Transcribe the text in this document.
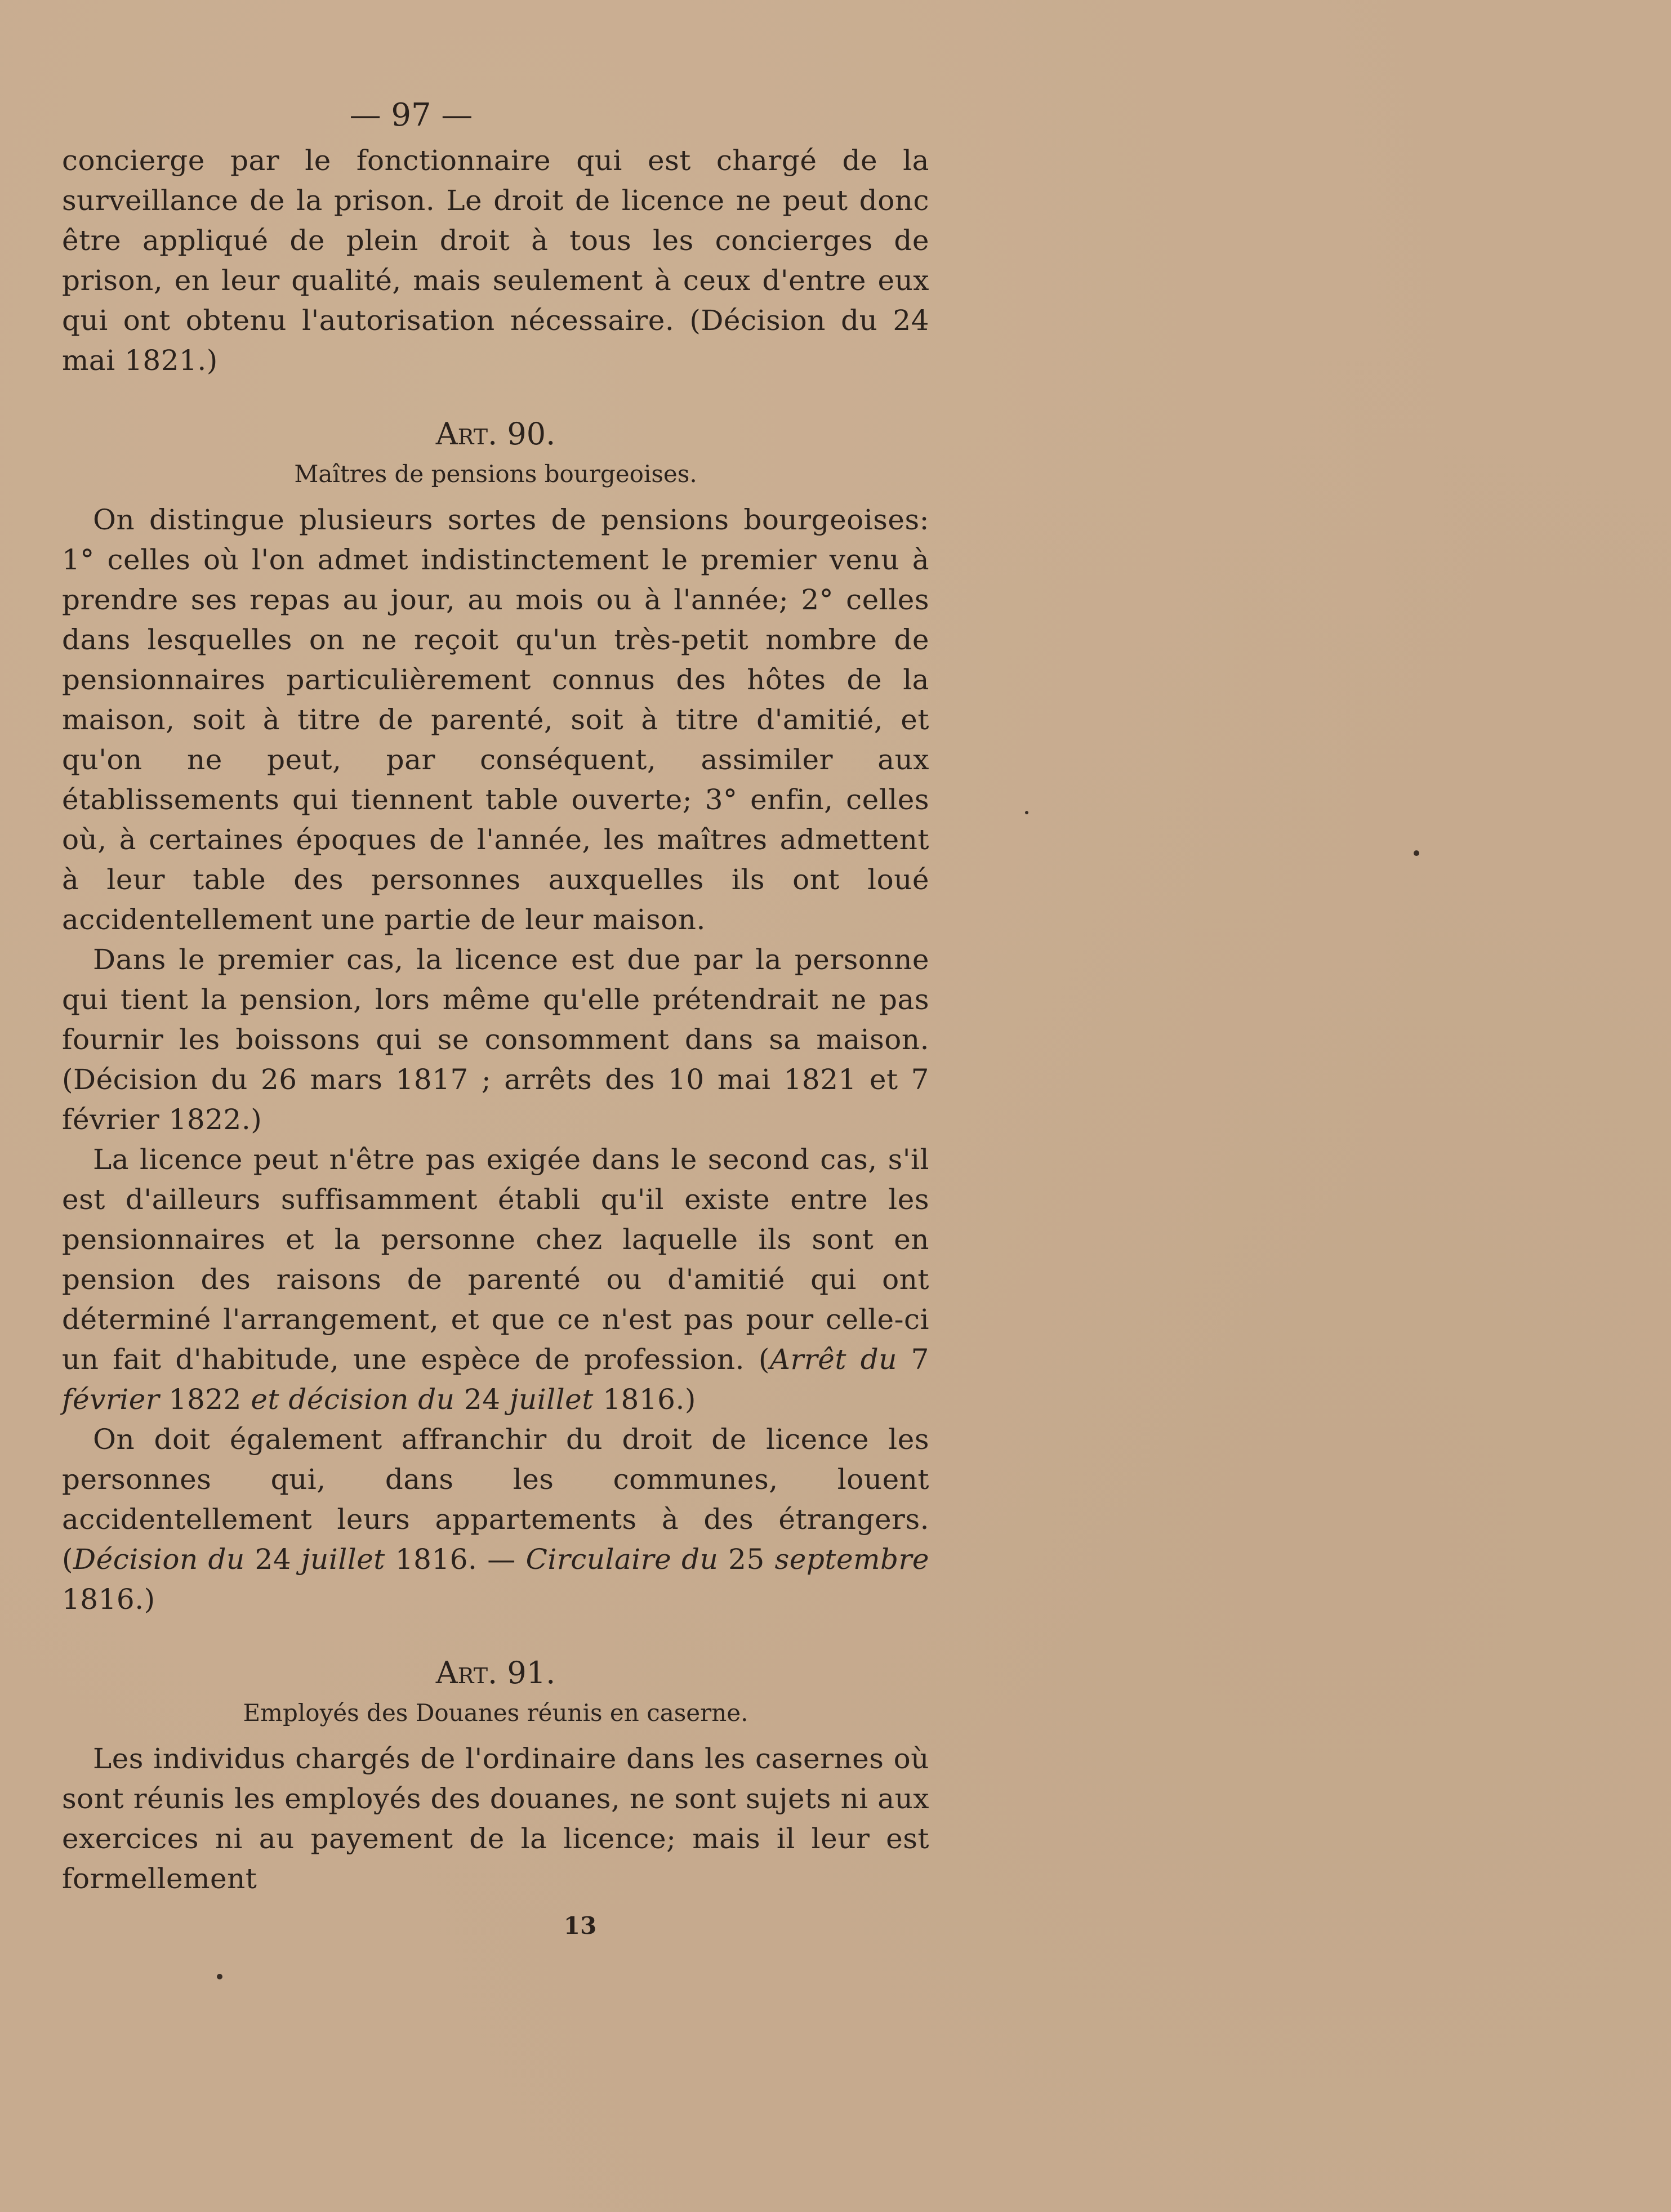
— 97 —

concierge par le fonctionnaire qui est chargé de la surveillance de la prison. Le droit de licence ne peut donc être appliqué de plein droit à tous les concierges de prison, en leur qualité, mais seulement à ceux d'entre eux qui ont obtenu l'autorisation nécessaire. (Décision du 24 mai 1821.)

Art. 90.
Maîtres de pensions bourgeoises.

On distingue plusieurs sortes de pensions bourgeoises: 1° celles où l'on admet indistinctement le premier venu à prendre ses repas au jour, au mois ou à l'année; 2° celles dans lesquelles on ne reçoit qu'un très-petit nombre de pensionnaires particulièrement connus des hôtes de la maison, soit à titre de parenté, soit à titre d'amitié, et qu'on ne peut, par conséquent, assimiler aux établissements qui tiennent table ouverte; 3° enfin, celles où, à certaines époques de l'année, les maîtres admettent à leur table des personnes auxquelles ils ont loué accidentellement une partie de leur maison.

Dans le premier cas, la licence est due par la personne qui tient la pension, lors même qu'elle prétendrait ne pas fournir les boissons qui se consomment dans sa maison. (Décision du 26 mars 1817 ; arrêts des 10 mai 1821 et 7 février 1822.)

La licence peut n'être pas exigée dans le second cas, s'il est d'ailleurs suffisamment établi qu'il existe entre les pensionnaires et la personne chez laquelle ils sont en pension des raisons de parenté ou d'amitié qui ont déterminé l'arrangement, et que ce n'est pas pour celle-ci un fait d'habitude, une espèce de profession. (Arrêt du 7 février 1822 et décision du 24 juillet 1816.)

On doit également affranchir du droit de licence les personnes qui, dans les communes, louent accidentellement leurs appartements à des étrangers. (Décision du 24 juillet 1816. — Circulaire du 25 septembre 1816.)

Art. 91.
Employés des Douanes réunis en caserne.

Les individus chargés de l'ordinaire dans les casernes où sont réunis les employés des douanes, ne sont sujets ni aux exercices ni au payement de la licence; mais il leur est formellement

13
